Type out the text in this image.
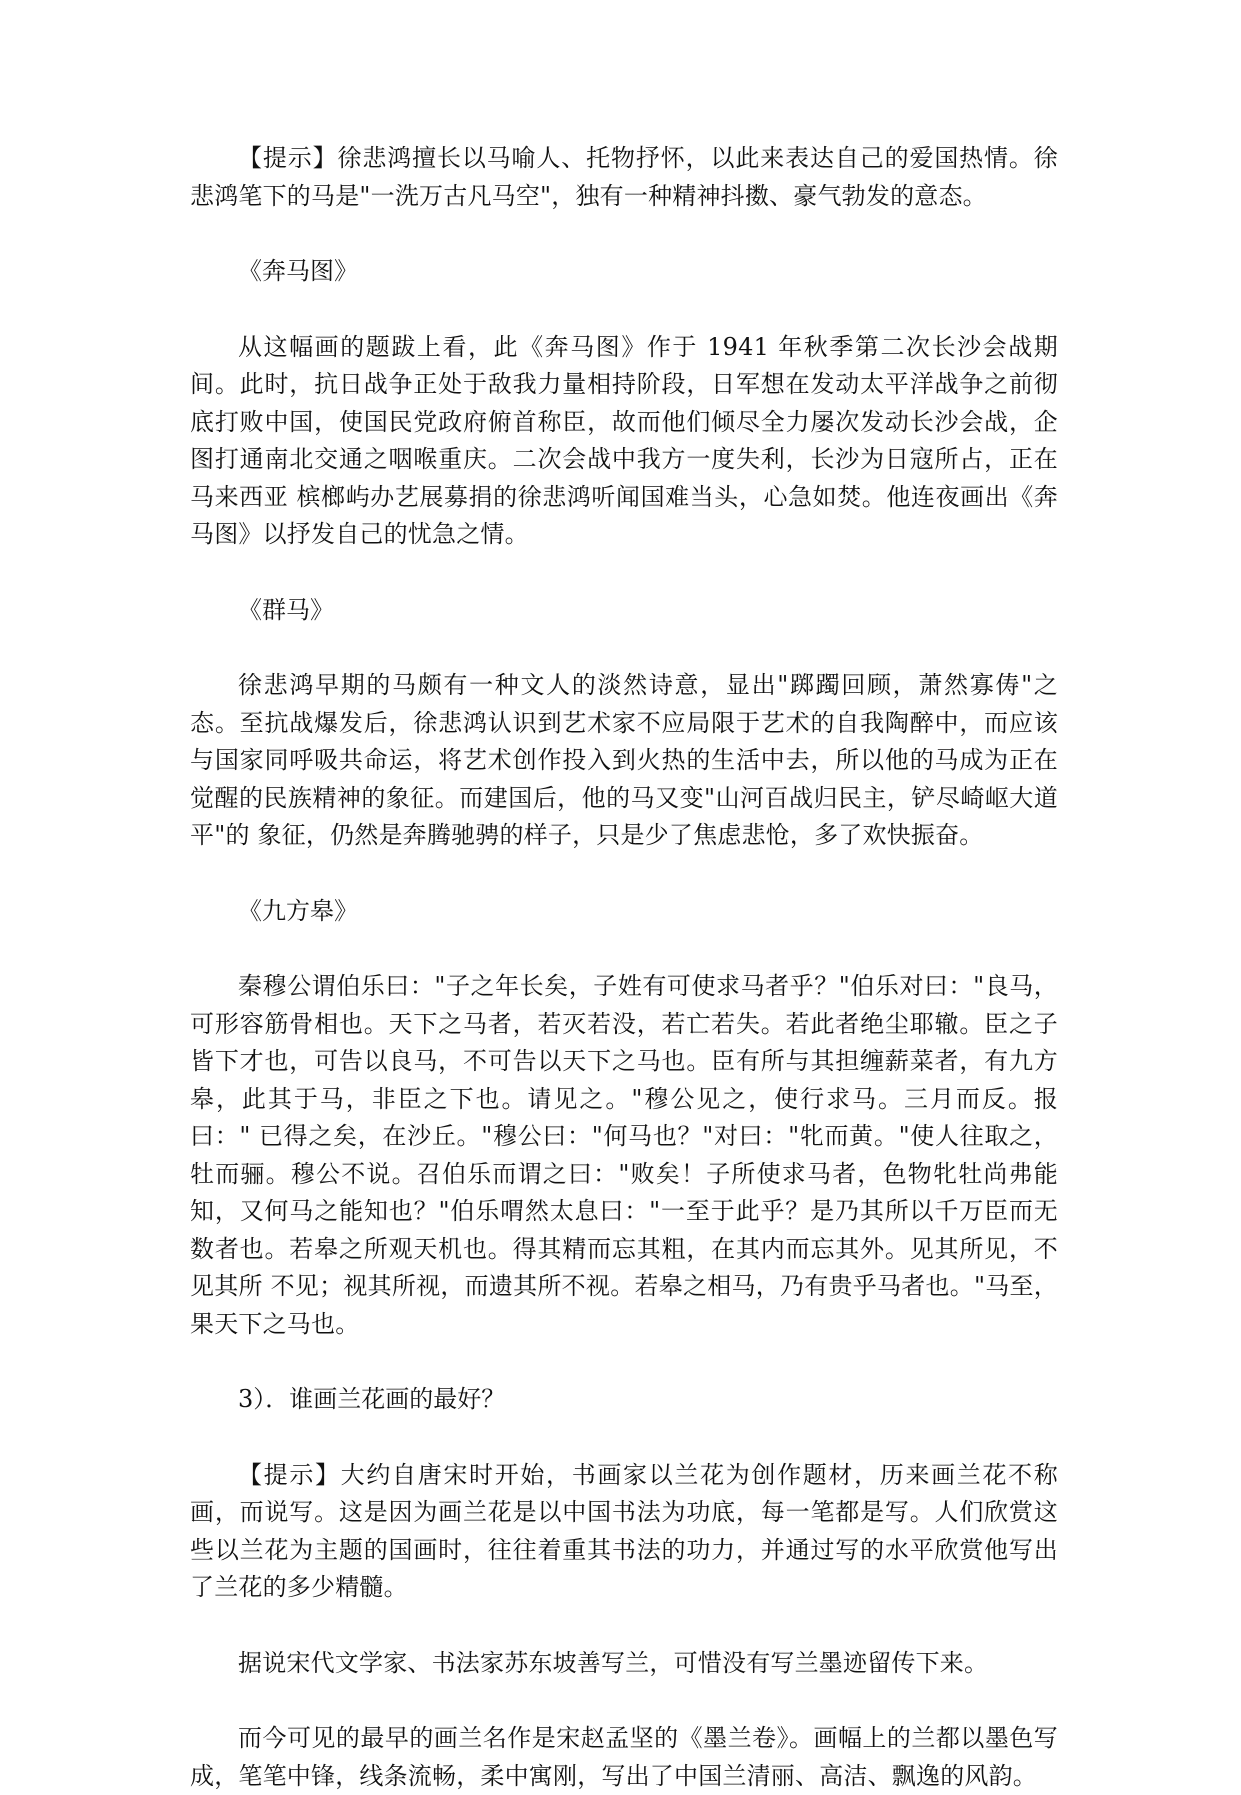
【提示】徐悲鸿擅长以马喻人、托物抒怀，以此来表达自己的爱国热情。徐悲鸿笔下的马是"一洗万古凡马空"，独有一种精神抖擞、豪气勃发的意态。

《奔马图》

从这幅画的题跋上看，此《奔马图》作于 1941 年秋季第二次长沙会战期间。此时，抗日战争正处于敌我力量相持阶段，日军想在发动太平洋战争之前彻底打败中国，使国民党政府俯首称臣，故而他们倾尽全力屡次发动长沙会战，企图打通南北交通之咽喉重庆。二次会战中我方一度失利，长沙为日寇所占，正在马来西亚 槟榔屿办艺展募捐的徐悲鸿听闻国难当头，心急如焚。他连夜画出《奔马图》以抒发自己的忧急之情。

《群马》

徐悲鸿早期的马颇有一种文人的淡然诗意，显出"踯躅回顾，萧然寡俦"之态。至抗战爆发后，徐悲鸿认识到艺术家不应局限于艺术的自我陶醉中，而应该与国家同呼吸共命运，将艺术创作投入到火热的生活中去，所以他的马成为正在觉醒的民族精神的象征。而建国后，他的马又变"山河百战归民主，铲尽崎岖大道平"的 象征，仍然是奔腾驰骋的样子，只是少了焦虑悲怆，多了欢快振奋。

《九方皋》

秦穆公谓伯乐曰："子之年长矣，子姓有可使求马者乎？"伯乐对曰："良马，可形容筋骨相也。天下之马者，若灭若没，若亡若失。若此者绝尘耶辙。臣之子皆下才也，可告以良马，不可告以天下之马也。臣有所与其担缠薪菜者，有九方皋，此其于马，非臣之下也。请见之。"穆公见之，使行求马。三月而反。报曰：" 已得之矣，在沙丘。"穆公曰："何马也？"对曰："牝而黄。"使人往取之，牡而骊。穆公不说。召伯乐而谓之曰："败矣！子所使求马者，色物牝牡尚弗能知，又何马之能知也？"伯乐喟然太息曰："一至于此乎？是乃其所以千万臣而无数者也。若皋之所观天机也。得其精而忘其粗，在其内而忘其外。见其所见，不见其所 不见；视其所视，而遗其所不视。若皋之相马，乃有贵乎马者也。"马至，果天下之马也。

3）．谁画兰花画的最好？

【提示】大约自唐宋时开始，书画家以兰花为创作题材，历来画兰花不称画，而说写。这是因为画兰花是以中国书法为功底，每一笔都是写。人们欣赏这些以兰花为主题的国画时，往往着重其书法的功力，并通过写的水平欣赏他写出了兰花的多少精髓。

据说宋代文学家、书法家苏东坡善写兰，可惜没有写兰墨迹留传下来。

而今可见的最早的画兰名作是宋赵孟坚的《墨兰卷》。画幅上的兰都以墨色写成，笔笔中锋，线条流畅，柔中寓刚，写出了中国兰清丽、高洁、飘逸的风韵。
